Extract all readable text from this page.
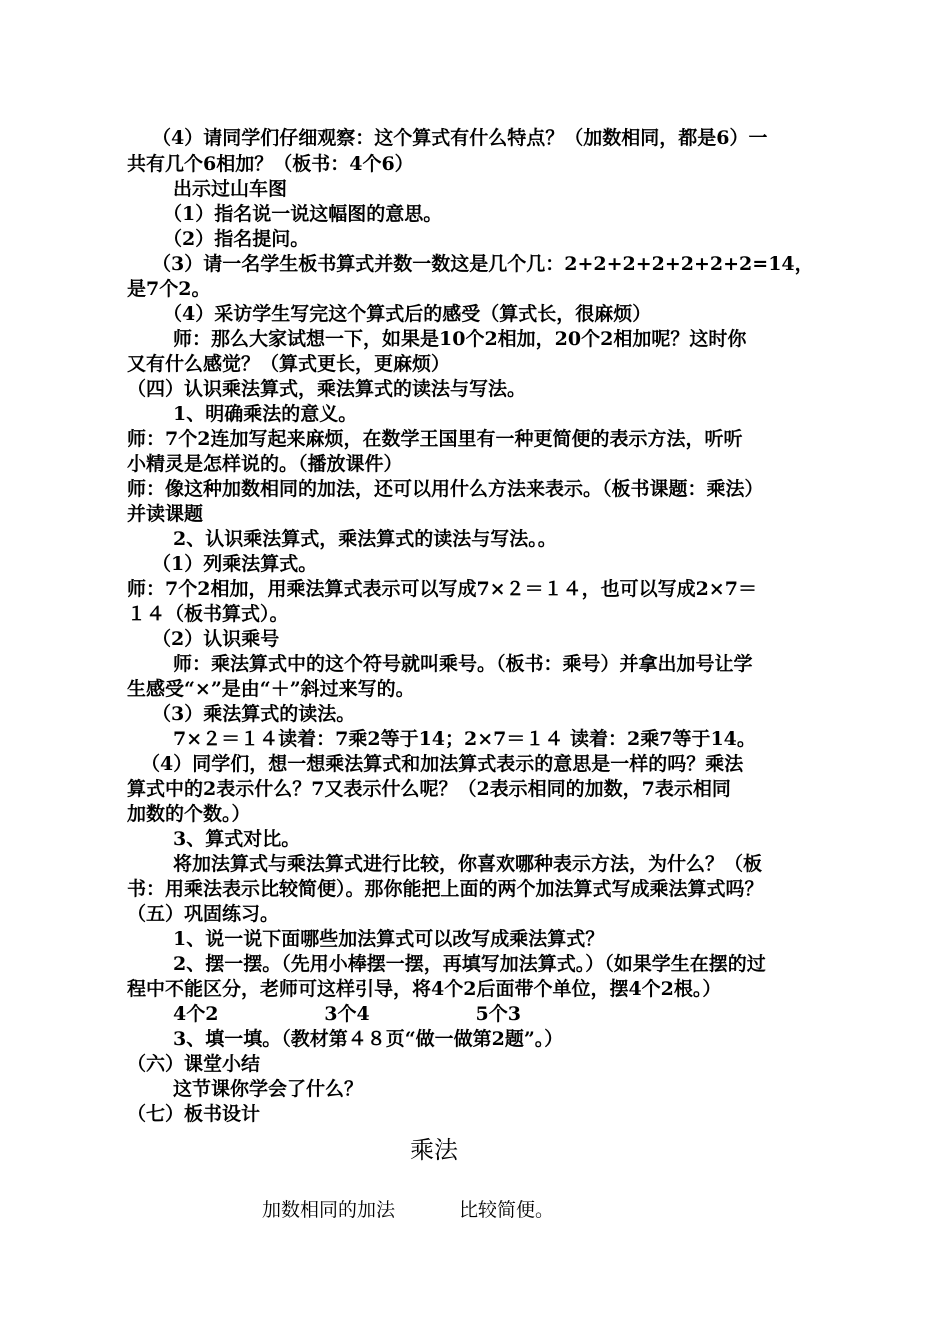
（4）请同学们仔细观察：这个算式有什么特点？（加数相同，都是6）一
共有几个6相加？（板书：4个6）
出示过山车图
（1）指名说一说这幅图的意思。
（2）指名提问。
（3）请一名学生板书算式并数一数这是几个几：2+2+2+2+2+2+2=14，
是7个2。
（4）采访学生写完这个算式后的感受（算式长，很麻烦）
师：那么大家试想一下，如果是10个2相加，20个2相加呢？这时你
又有什么感觉？（算式更长，更麻烦）
（四）认识乘法算式，乘法算式的读法与写法。
1、明确乘法的意义。
师：7个2连加写起来麻烦，在数学王国里有一种更简便的表示方法，听听
小精灵是怎样说的。（播放课件）
师：像这种加数相同的加法，还可以用什么方法来表示。（板书课题：乘法）
并读课题
2、认识乘法算式，乘法算式的读法与写法。。
（1）列乘法算式。
师：7个2相加，用乘法算式表示可以写成7×２＝１４，也可以写成2×7＝
１４（板书算式）。
（2）认识乘号
师：乘法算式中的这个符号就叫乘号。（板书：乘号）并拿出加号让学
生感受“×”是由“＋”斜过来写的。
（3）乘法算式的读法。
7×２＝１４读着：7乘2等于14；2×7＝１４ 读着：2乘7等于14。
（4）同学们，想一想乘法算式和加法算式表示的意思是一样的吗？乘法
算式中的2表示什么？7又表示什么呢？（2表示相同的加数，7表示相同
加数的个数。）
3、算式对比。
将加法算式与乘法算式进行比较，你喜欢哪种表示方法，为什么？（板
书：用乘法表示比较简便）。那你能把上面的两个加法算式写成乘法算式吗？
（五）巩固练习。
1、说一说下面哪些加法算式可以改写成乘法算式？
2、摆一摆。（先用小棒摆一摆，再填写加法算式。）（如果学生在摆的过
程中不能区分，老师可这样引导，将4个2后面带个单位，摆4个2根。）
4个2                3个4                5个3
3、填一填。（教材第４８页“做一做第2题”。）
（六）课堂小结
这节课你学会了什么？
（七）板书设计
乘法
加数相同的加法	比较简便。
